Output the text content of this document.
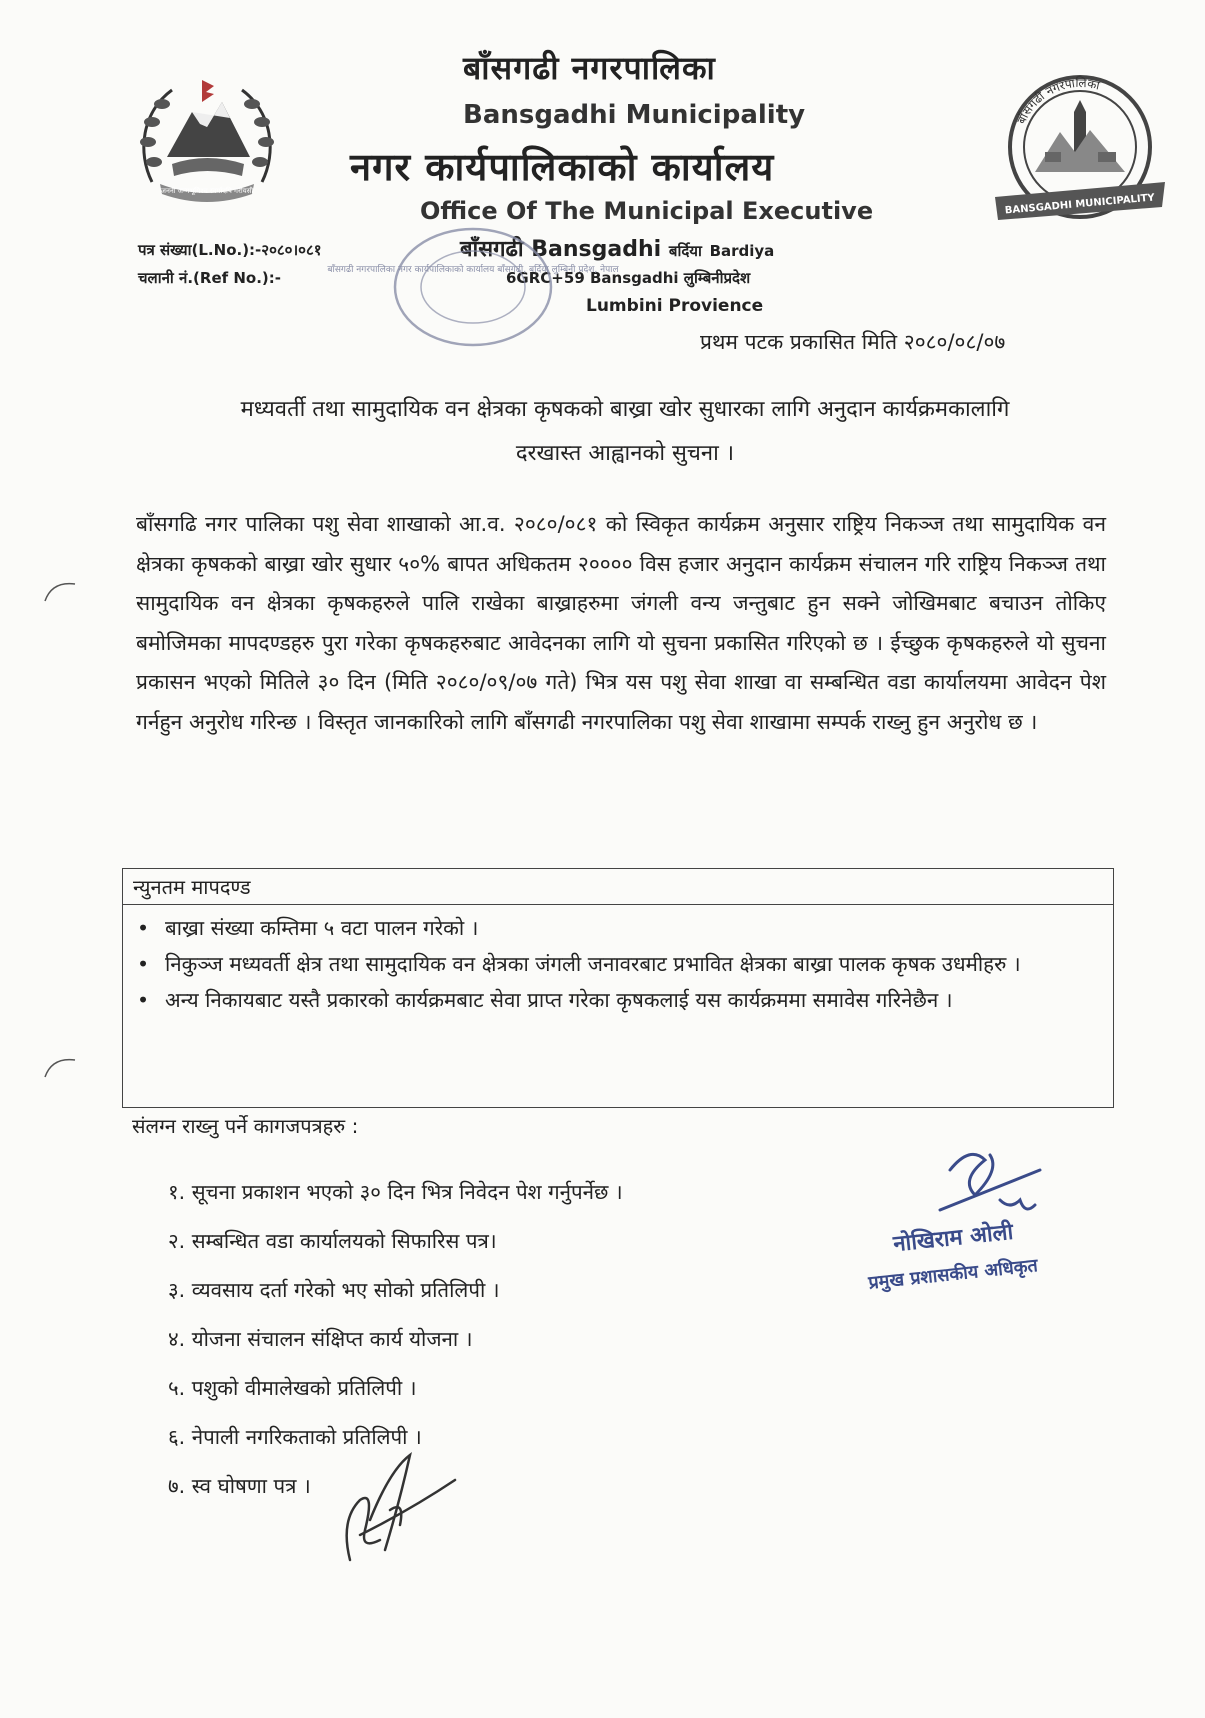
जननी जन्मभूमिश्च स्वर्गादपि गरीयसी
बाँसगढी नगरपालिका
BANSGADHI MUNICIPALITY
बाँसगढी नगरपालिका
Bansgadhi Municipality
नगर कार्यपालिकाको कार्यालय
Office Of The Municipal Executive
बाँसगढी Bansgadhi बर्दिया Bardiya
6GRC+59 Bansgadhi लुम्बिनीप्रदेश
Lumbini Provience
पत्र संख्या(L.No.):-२०८०।०८१
चलानी नं.(Ref No.):-	बाँसगढी नगरपालिका नगर कार्यपालिकाको कार्यालय बाँसगढी, बर्दिया लुम्बिनी प्रदेश, नेपाल
प्रथम पटक प्रकासित मिति २०८०/०८/०७
मध्यवर्ती तथा सामुदायिक वन क्षेत्रका कृषकको बाख्रा खोर सुधारका लागि अनुदान कार्यक्रमकालागि
दरखास्त आह्वानको सुचना ।
बाँसगढि नगर पालिका पशु सेवा शाखाको आ.व. २०८०/०८१ को स्विकृत कार्यक्रम अनुसार राष्ट्रिय निकञ्ज तथा सामुदायिक वन क्षेत्रका कृषकको बाख्रा खोर सुधार ५०% बापत अधिकतम २०००० विस हजार अनुदान कार्यक्रम संचालन गरि राष्ट्रिय निकञ्ज तथा सामुदायिक वन क्षेत्रका कृषकहरुले पालि राखेका बाख्राहरुमा जंगली वन्य जन्तुबाट हुन सक्ने जोखिमबाट बचाउन तोकिए बमोजिमका मापदण्डहरु पुरा गरेका कृषकहरुबाट आवेदनका लागि यो सुचना प्रकासित गरिएको छ । ईच्छुक कृषकहरुले यो सुचना प्रकासन भएको मितिले ३० दिन (मिति २०८०/०९/०७ गते) भित्र यस पशु सेवा शाखा वा सम्बन्धित वडा कार्यालयमा आवेदन पेश गर्नहुन अनुरोध गरिन्छ । विस्तृत जानकारिको लागि बाँसगढी नगरपालिका पशु सेवा शाखामा सम्पर्क राख्नु हुन अनुरोध छ ।
न्युनतम मापदण्ड
• बाख्रा संख्या कम्तिमा ५ वटा पालन गरेको ।
• निकुञ्ज मध्यवर्ती क्षेत्र तथा सामुदायिक वन क्षेत्रका जंगली जनावरबाट प्रभावित क्षेत्रका बाख्रा पालक कृषक उधमीहरु ।
• अन्य निकायबाट यस्तै प्रकारको कार्यक्रमबाट सेवा प्राप्त गरेका कृषकलाई यस कार्यक्रममा समावेस गरिनेछैन ।
संलग्न राख्नु पर्ने कागजपत्रहरु :
१. सूचना प्रकाशन भएको ३० दिन भित्र निवेदन पेश गर्नुपर्नेछ ।
२. सम्बन्धित वडा कार्यालयको सिफारिस पत्र।
३. व्यवसाय दर्ता गरेको भए सोको प्रतिलिपी ।
४. योजना संचालन संक्षिप्त कार्य योजना ।
५. पशुको वीमालेखको प्रतिलिपी ।
६. नेपाली नगरिकताको प्रतिलिपी ।
७. स्व घोषणा पत्र ।
नोखिराम ओली
प्रमुख प्रशासकीय अधिकृत
